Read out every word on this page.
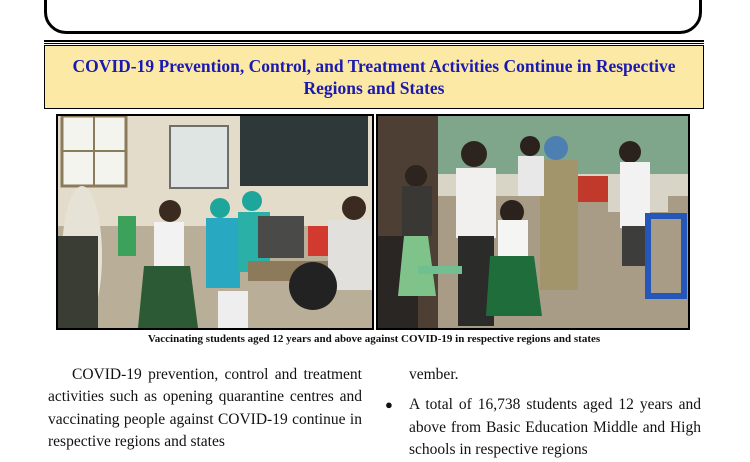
COVID-19 Prevention, Control, and Treatment Activities Continue in Respective Regions and States
Vaccinating students aged 12 years and above against COVID-19 in respective regions and states

COVID-19 prevention, control and treatment activities such as opening quarantine centres and vaccinating people against COVID-19 continue in respective regions and states

vember.

● A total of 16,738 students aged 12 years and above from Basic Education Middle and High schools in respective regions
